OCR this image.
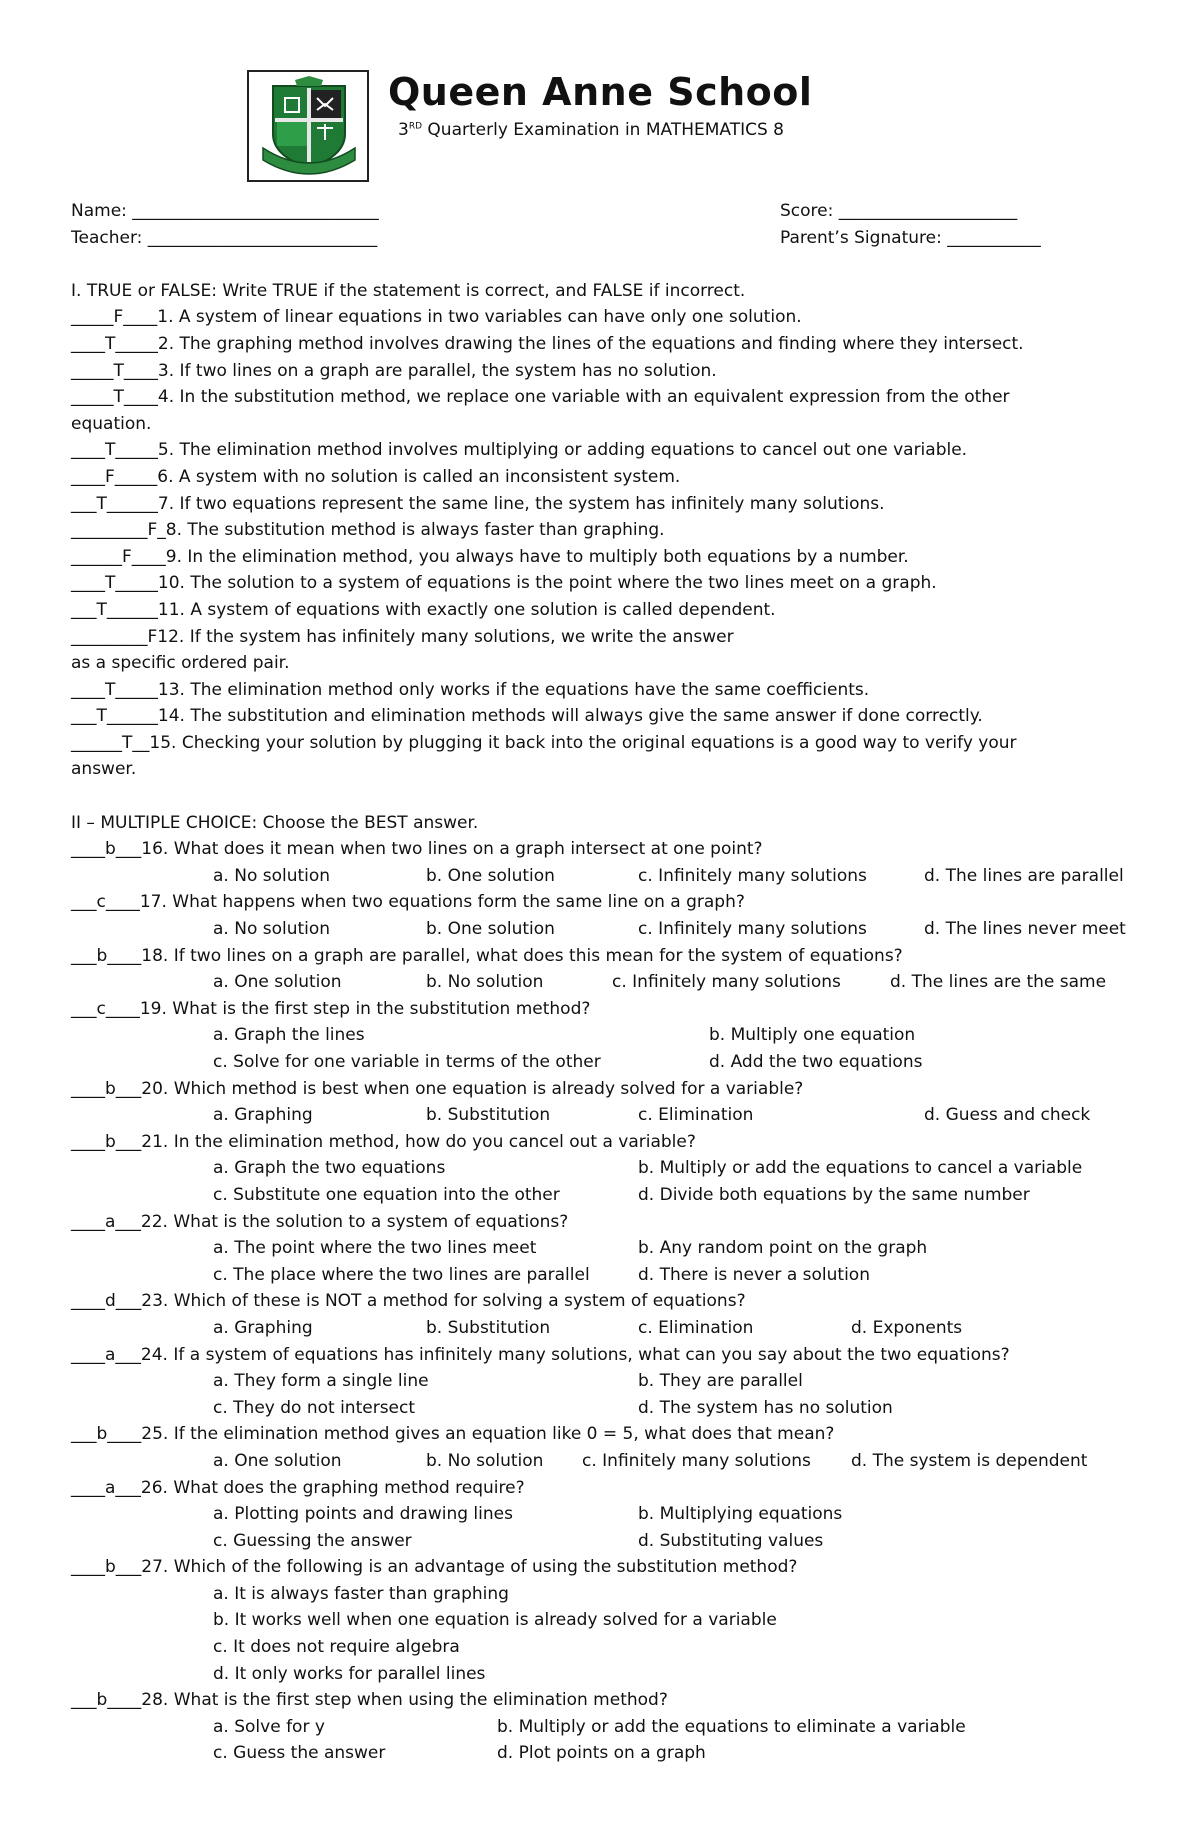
Queen Anne School
3RD Quarterly Examination in MATHEMATICS 8
Name: _____________________________	Score: _____________________
Teacher: ___________________________	Parent’s Signature: ___________
I. TRUE or FALSE: Write TRUE if the statement is correct, and FALSE if incorrect.
_____F____1. A system of linear equations in two variables can have only one solution.
____T_____2. The graphing method involves drawing the lines of the equations and finding where they intersect.
_____T____3. If two lines on a graph are parallel, the system has no solution.
_____T____4. In the substitution method, we replace one variable with an equivalent expression from the other
equation.
____T_____5. The elimination method involves multiplying or adding equations to cancel out one variable.
____F_____6. A system with no solution is called an inconsistent system.
___T______7. If two equations represent the same line, the system has infinitely many solutions.
_________F_8. The substitution method is always faster than graphing.
______F____9. In the elimination method, you always have to multiply both equations by a number.
____T_____10. The solution to a system of equations is the point where the two lines meet on a graph.
___T______11. A system of equations with exactly one solution is called dependent.
_________F12. If the system has infinitely many solutions, we write the answer
as a specific ordered pair.
____T_____13. The elimination method only works if the equations have the same coefficients.
___T______14. The substitution and elimination methods will always give the same answer if done correctly.
______T__15. Checking your solution by plugging it back into the original equations is a good way to verify your
answer.
II – MULTIPLE CHOICE: Choose the BEST answer.
____b___16. What does it mean when two lines on a graph intersect at one point?
a. No solution	b. One solution	c. Infinitely many solutions	d. The lines are parallel
___c____17. What happens when two equations form the same line on a graph?
a. No solution	b. One solution	c. Infinitely many solutions	d. The lines never meet
___b____18. If two lines on a graph are parallel, what does this mean for the system of equations?
a. One solution	b. No solution	c. Infinitely many solutions	d. The lines are the same
___c____19. What is the first step in the substitution method?
a. Graph the lines	b. Multiply one equation
c. Solve for one variable in terms of the other	d. Add the two equations
____b___20. Which method is best when one equation is already solved for a variable?
a. Graphing	b. Substitution	c. Elimination	d. Guess and check
____b___21. In the elimination method, how do you cancel out a variable?
a. Graph the two equations	b. Multiply or add the equations to cancel a variable
c. Substitute one equation into the other	d. Divide both equations by the same number
____a___22. What is the solution to a system of equations?
a. The point where the two lines meet	b. Any random point on the graph
c. The place where the two lines are parallel	d. There is never a solution
____d___23. Which of these is NOT a method for solving a system of equations?
a. Graphing	b. Substitution	c. Elimination	d. Exponents
____a___24. If a system of equations has infinitely many solutions, what can you say about the two equations?
a. They form a single line	b. They are parallel
c. They do not intersect	d. The system has no solution
___b____25. If the elimination method gives an equation like 0 = 5, what does that mean?
a. One solution	b. No solution c. Infinitely many solutions d. The system is dependent
____a___26. What does the graphing method require?
a. Plotting points and drawing lines	b. Multiplying equations
c. Guessing the answer	d. Substituting values
____b___27. Which of the following is an advantage of using the substitution method?
a. It is always faster than graphing
b. It works well when one equation is already solved for a variable
c. It does not require algebra
d. It only works for parallel lines
___b____28. What is the first step when using the elimination method?
a. Solve for y	b. Multiply or add the equations to eliminate a variable
c. Guess the answer	d. Plot points on a graph
